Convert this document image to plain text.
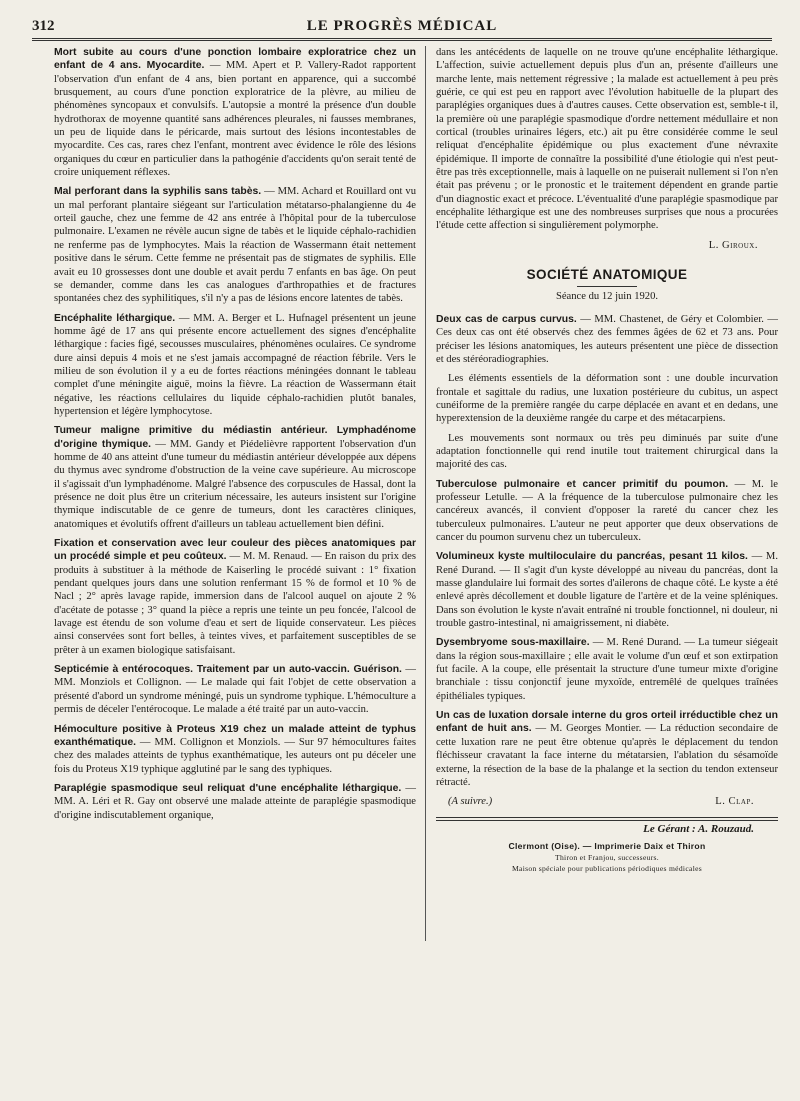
312	LE PROGRÈS MÉDICAL

Mort subite au cours d'une ponction lombaire exploratrice chez un enfant de 4 ans. Myocardite. — MM. Apert et P. Vallery-Radot rapportent l'observation d'un enfant de 4 ans, bien portant en apparence, qui a succombé brusquement, au cours d'une ponction exploratrice de la plèvre, au milieu de phénomènes syncopaux et convulsifs. L'autopsie a montré la présence d'un double hydrothorax de moyenne quantité sans adhérences pleurales, ni fausses membranes, un peu de liquide dans le péricarde, mais surtout des lésions incontestables de myocardite. Ces cas, rares chez l'enfant, montrent avec évidence le rôle des lésions organiques du cœur en particulier dans la pathogénie d'accidents qu'on serait tenté de croire uniquement réflexes.

Mal perforant dans la syphilis sans tabès. — MM. Achard et Rouillard ont vu un mal perforant plantaire siégeant sur l'articulation métatarso-phalangienne du 4e orteil gauche, chez une femme de 42 ans entrée à l'hôpital pour de la tuberculose pulmonaire. L'examen ne révèle aucun signe de tabès et le liquide céphalo-rachidien ne renferme pas de lymphocytes. Mais la réaction de Wassermann était nettement positive dans le sérum. Cette femme ne présentait pas de stigmates de syphilis. Elle avait eu 10 grossesses dont une double et avait perdu 7 enfants en bas âge. On peut se demander, comme dans les cas analogues d'arthropathies et de fractures spontanées chez des syphilitiques, s'il n'y a pas de lésions encore latentes de tabès.

Encéphalite léthargique. — MM. A. Berger et L. Hufnagel présentent un jeune homme âgé de 17 ans qui présente encore actuellement des signes d'encéphalite léthargique : facies figé, secousses musculaires, phénomènes oculaires. Ce syndrome dure ainsi depuis 4 mois et ne s'est jamais accompagné de réaction fébrile. Vers le milieu de son évolution il y a eu de fortes réactions méningées donnant le tableau complet d'une méningite aiguë, moins la fièvre. La réaction de Wassermann était négative, les réactions cellulaires du liquide céphalo-rachidien plutôt banales, hypertension et légère lymphocytose.

Tumeur maligne primitive du médiastin antérieur. Lymphadénome d'origine thymique. — MM. Gandy et Piédelièvre rapportent l'observation d'un homme de 40 ans atteint d'une tumeur du médiastin antérieur développée aux dépens du thymus avec syndrome d'obstruction de la veine cave supérieure. Au microscope il s'agissait d'un lymphadénome. Malgré l'absence des corpuscules de Hassal, dont la présence ne doit plus être un criterium nécessaire, les auteurs insistent sur l'origine thymique indiscutable de ce genre de tumeurs, dont les caractères cliniques, anatomiques et évolutifs offrent d'ailleurs un tableau actuellement bien défini.

Fixation et conservation avec leur couleur des pièces anatomiques par un procédé simple et peu coûteux. — M. M. Renaud. — En raison du prix des produits à substituer à la méthode de Kaiserling le procédé suivant : 1° fixation pendant quelques jours dans une solution renfermant 15 % de formol et 10 % de Nacl ; 2° après lavage rapide, immersion dans de l'alcool auquel on ajoute 2 % d'acétate de potasse ; 3° quand la pièce a repris une teinte un peu foncée, l'alcool de lavage est étendu de son volume d'eau et sert de liquide conservateur. Les pièces ainsi conservées sont fort belles, à teintes vives, et parfaitement susceptibles de se prêter à un examen biologique satisfaisant.

Septicémie à entérocoques. Traitement par un auto-vaccin. Guérison. — MM. Monziols et Collignon. — Le malade qui fait l'objet de cette observation a présenté d'abord un syndrome méningé, puis un syndrome typhique. L'hémoculture a permis de déceler l'entérocoque. Le malade a été traité par un auto-vaccin.

Hémoculture positive à Proteus X19 chez un malade atteint de typhus exanthématique. — MM. Collignon et Monziols. — Sur 97 hémocultures faites chez des malades atteints de typhus exanthématique, les auteurs ont pu déceler une fois du Proteus X19 typhique agglutiné par le sang des typhiques.

Paraplégie spasmodique seul reliquat d'une encéphalite léthargique. — MM. A. Léri et R. Gay ont observé une malade atteinte de paraplégie spasmodique d'origine indiscutablement organique,

dans les antécédents de laquelle on ne trouve qu'une encéphalite léthargique. L'affection, suivie actuellement depuis plus d'un an, présente d'ailleurs une marche lente, mais nettement régressive ; la malade est actuellement à peu près guérie, ce qui est peu en rapport avec l'évolution habituelle de la plupart des paraplégies organiques dues à d'autres causes. Cette observation est, semble-t il, la première où une paraplégie spasmodique d'ordre nettement médullaire et non cortical (troubles urinaires légers, etc.) ait pu être considérée comme le seul reliquat d'encéphalite épidémique ou plus exactement d'une névraxite épidémique. Il importe de connaître la possibilité d'une étiologie qui n'est peut-être pas très exceptionnelle, mais à laquelle on ne puiserait nullement si l'on n'en était pas prévenu ; or le pronostic et le traitement dépendent en grande partie d'un diagnostic exact et précoce. L'éventualité d'une paraplégie spasmodique par encéphalite léthargique est une des nombreuses surprises que nous a procurées l'étude cette affection si singulièrement polymorphe.

L. Giroux.
SOCIÉTÉ ANATOMIQUE
Séance du 12 juin 1920.

Deux cas de carpus curvus. — MM. Chastenet, de Géry et Colombier. — Ces deux cas ont été observés chez des femmes âgées de 62 et 73 ans. Pour préciser les lésions anatomiques, les auteurs présentent une pièce de dissection et des stéréoradiographies.

Les éléments essentiels de la déformation sont : une double incurvation frontale et sagittale du radius, une luxation postérieure du cubitus, un aspect cunéiforme de la première rangée du carpe déplacée en avant et en dedans, une hyperextension de la deuxième rangée du carpe et des métacarpiens.

Les mouvements sont normaux ou très peu diminués par suite d'une adaptation fonctionnelle qui rend inutile tout traitement chirurgical dans la majorité des cas.

Tuberculose pulmonaire et cancer primitif du poumon. — M. le professeur Letulle. — A la fréquence de la tuberculose pulmonaire chez les cancéreux avancés, il convient d'opposer la rareté du cancer chez les tuberculeux pulmonaires. L'auteur ne peut apporter que deux observations de cancer du poumon survenu chez un tuberculeux.

Volumineux kyste multiloculaire du pancréas, pesant 11 kilos. — M. René Durand. — Il s'agit d'un kyste développé au niveau du pancréas, dont la masse glandulaire lui formait des sortes d'ailerons de chaque côté. Le kyste a été enlevé après décollement et double ligature de l'artère et de la veine spléniques. Dans son évolution le kyste n'avait entraîné ni trouble fonctionnel, ni douleur, ni trouble gastro-intestinal, ni amaigrissement, ni diabète.

Dysembryome sous-maxillaire. — M. René Durand. — La tumeur siégeait dans la région sous-maxillaire ; elle avait le volume d'un œuf et son extirpation fut facile. A la coupe, elle présentait la structure d'une tumeur mixte d'origine branchiale : tissu conjonctif jeune myxoïde, entremêlé de quelques traînées épithéliales typiques.

Un cas de luxation dorsale interne du gros orteil irréductible chez un enfant de huit ans. — M. Georges Montier. — La réduction secondaire de cette luxation rare ne peut être obtenue qu'après le déplacement du tendon fléchisseur cravatant la face interne du métatarsien, l'ablation du sésamoïde externe, la résection de la base de la phalange et la section du tendon extenseur rétracté.

(A suivre.)	L. Clap.
Le Gérant : A. Rouzaud.
Clermont (Oise). — Imprimerie Daix et Thiron
Thiron et Franjou, successeurs.
Maison spéciale pour publications périodiques médicales
